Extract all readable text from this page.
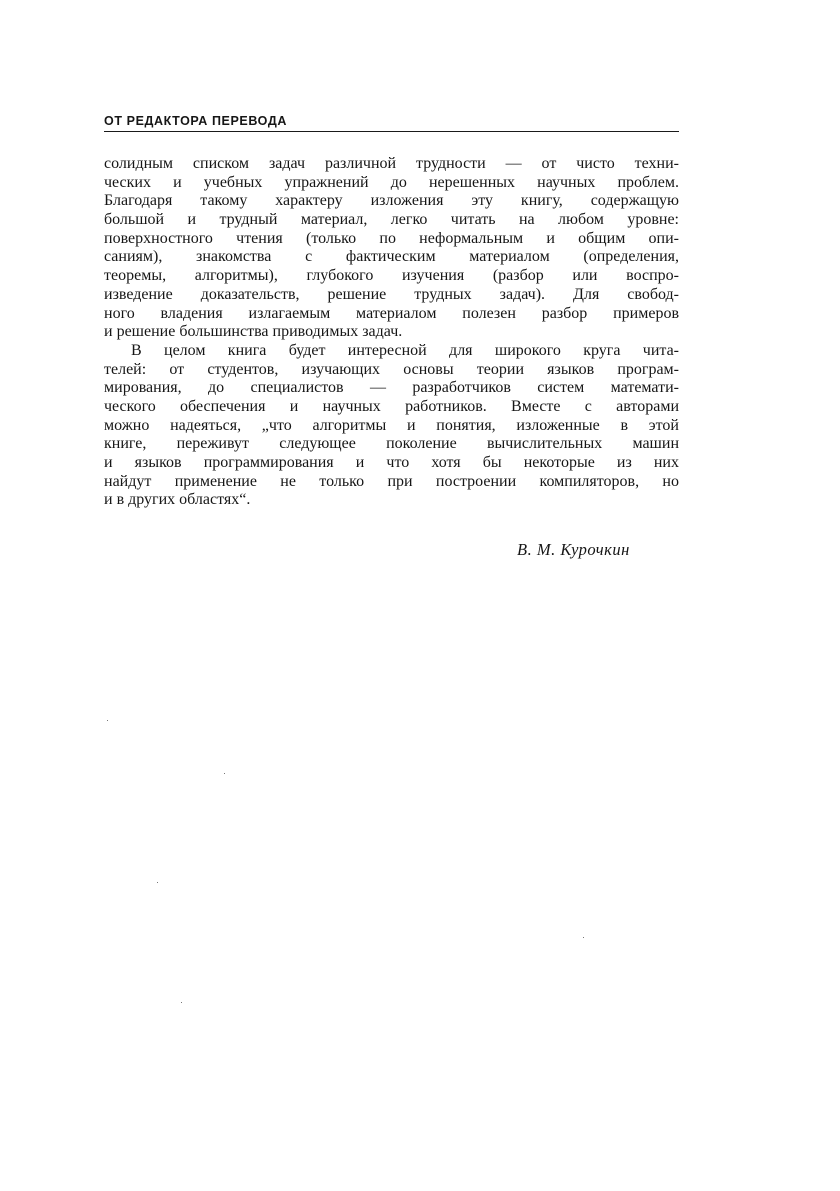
ОТ РЕДАКТОРА ПЕРЕВОДА
солидным списком задач различной трудности — от чисто техни-
ческих и учебных упражнений до нерешенных научных проблем.
Благодаря такому характеру изложения эту книгу, содержащую
большой и трудный материал, легко читать на любом уровне:
поверхностного чтения (только по неформальным и общим опи-
саниям), знакомства с фактическим материалом (определения,
теоремы, алгоритмы), глубокого изучения (разбор или воспро-
изведение доказательств, решение трудных задач). Для свобод-
ного владения излагаемым материалом полезен разбор примеров
и решение большинства приводимых задач.
В целом книга будет интересной для широкого круга чита-
телей: от студентов, изучающих основы теории языков програм-
мирования, до специалистов — разработчиков систем математи-
ческого обеспечения и научных работников. Вместе с авторами
можно надеяться, „что алгоритмы и понятия, изложенные в этой
книге, переживут следующее поколение вычислительных машин
и языков программирования и что хотя бы некоторые из них
найдут применение не только при построении компиляторов, но
и в других областях“.
В. М. Курочкин
